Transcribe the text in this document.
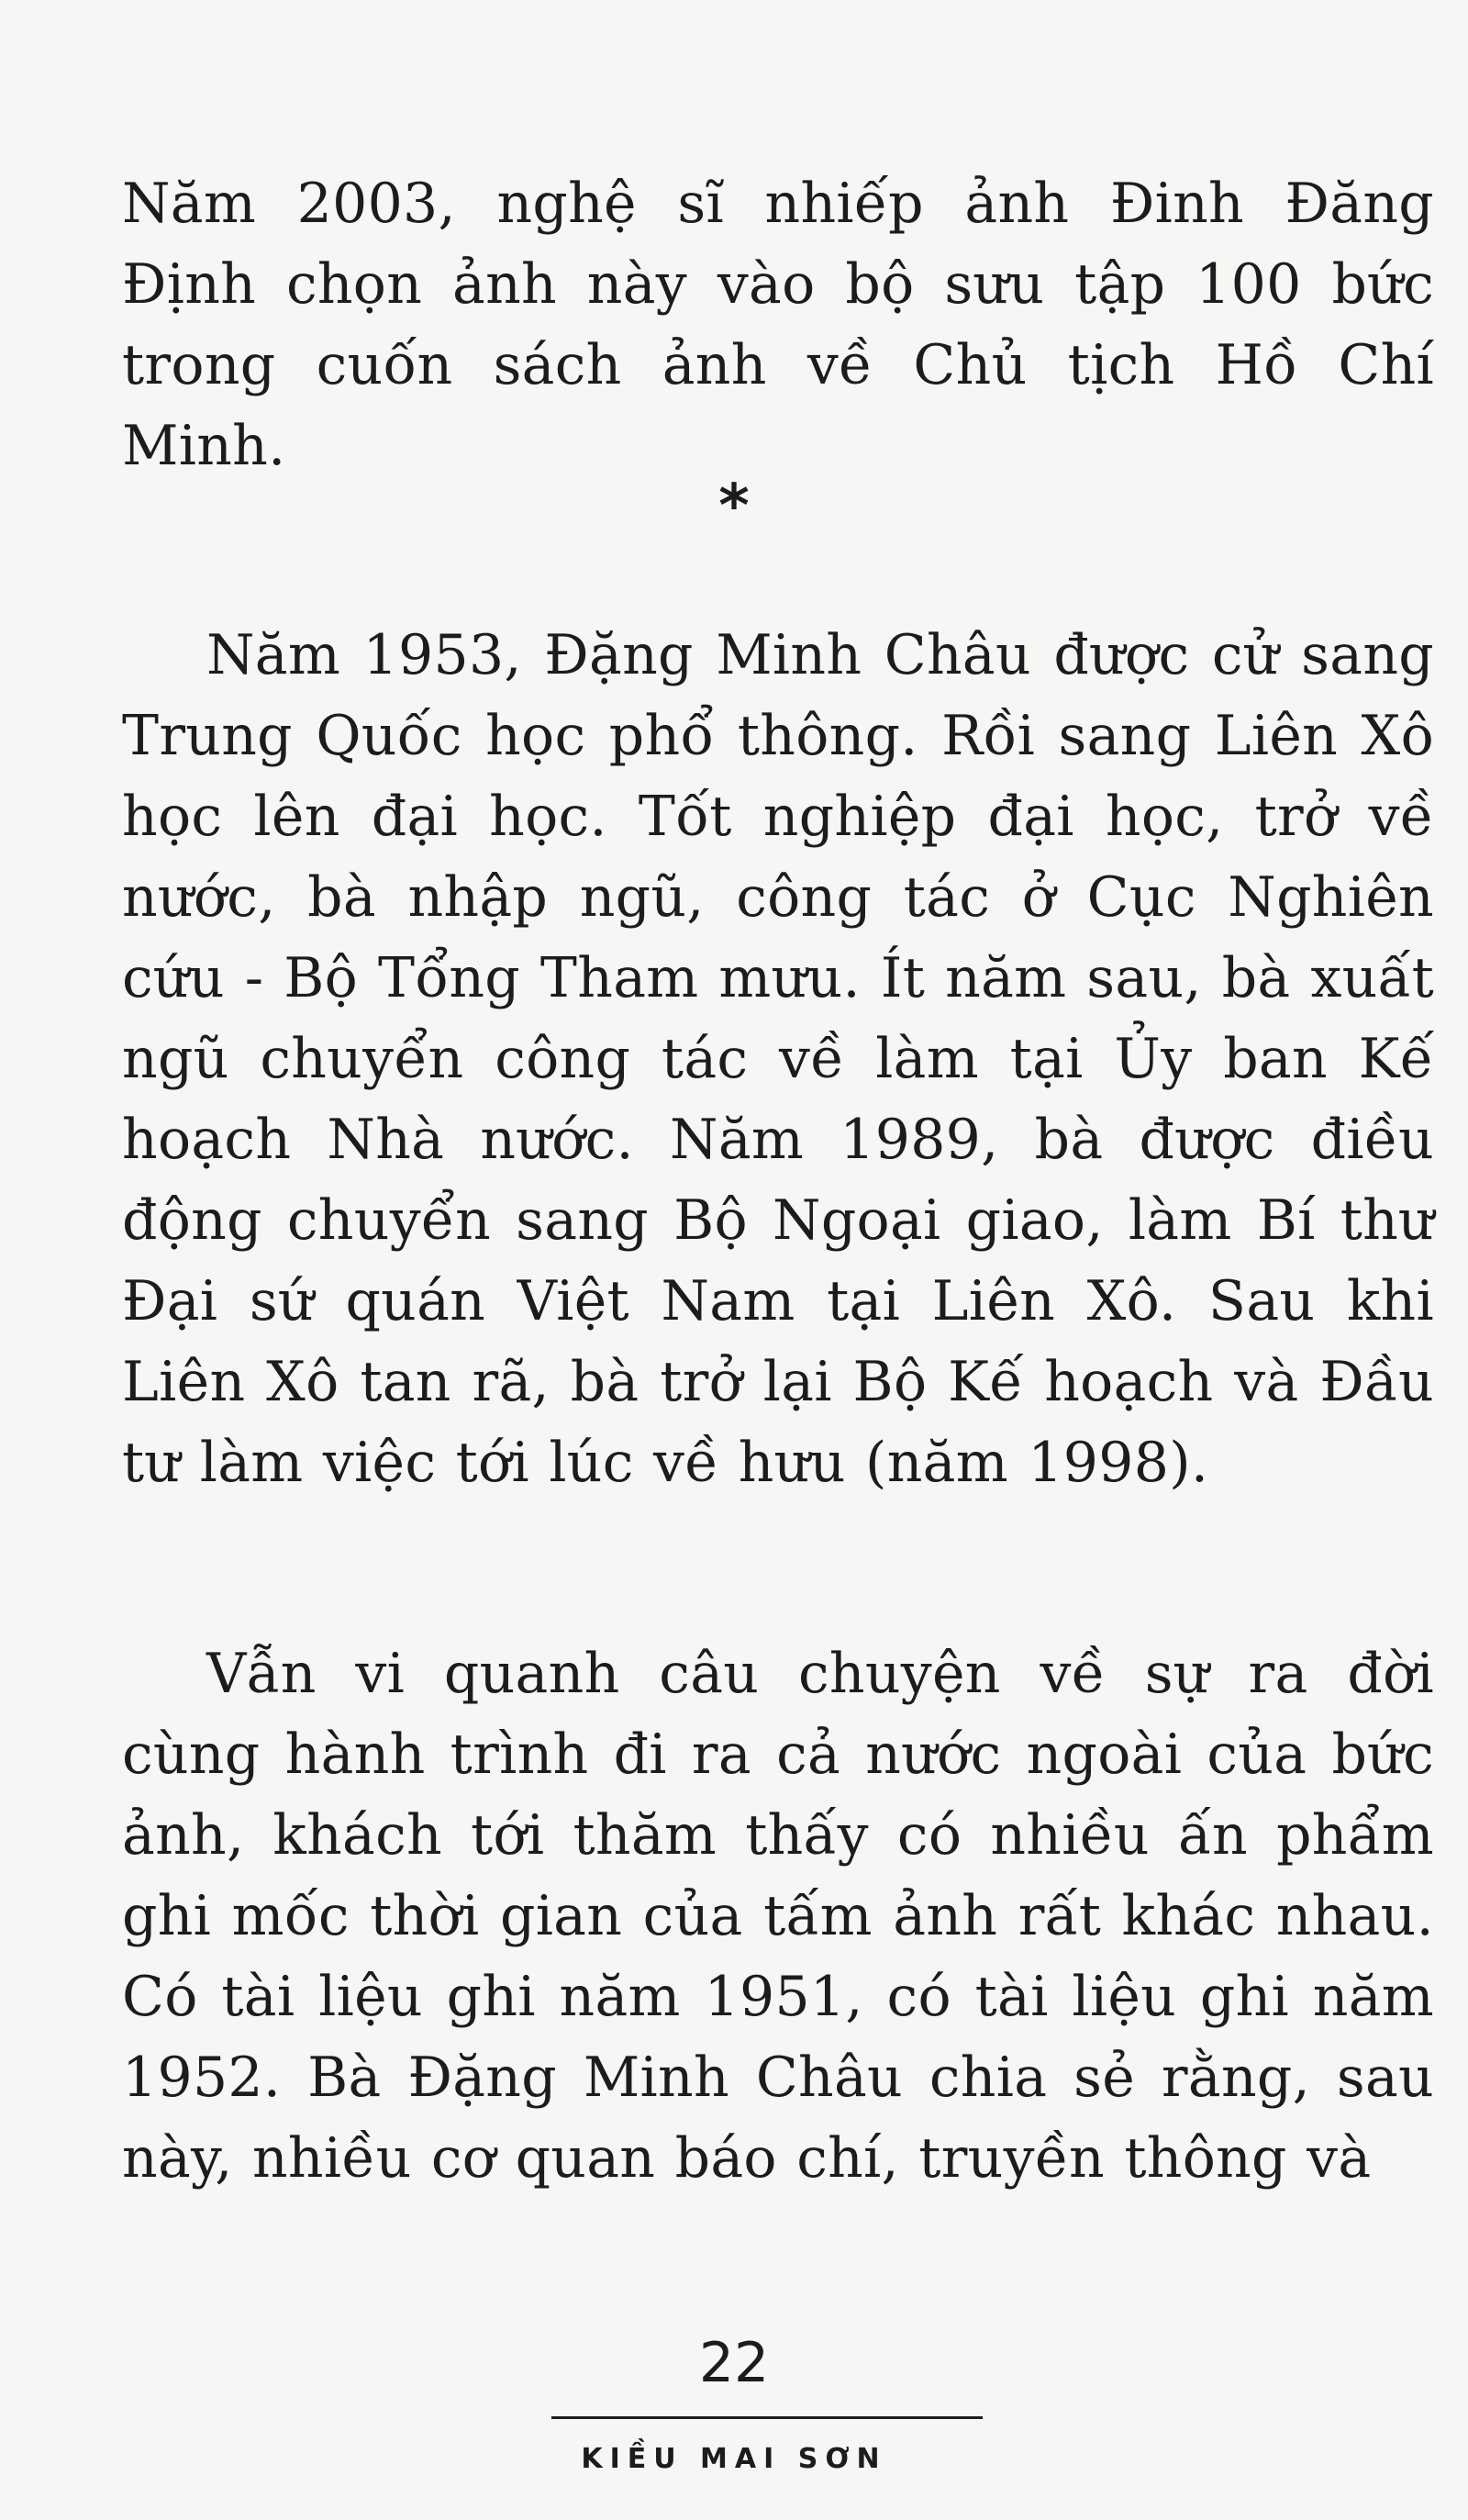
Năm 2003, nghệ sĩ nhiếp ảnh Đinh Đăng Định chọn ảnh này vào bộ sưu tập 100 bức trong cuốn sách ảnh về Chủ tịch Hồ Chí Minh.

*

Năm 1953, Đặng Minh Châu được cử sang Trung Quốc học phổ thông. Rồi sang Liên Xô học lên đại học. Tốt nghiệp đại học, trở về nước, bà nhập ngũ, công tác ở Cục Nghiên cứu - Bộ Tổng Tham mưu. Ít năm sau, bà xuất ngũ chuyển công tác về làm tại Ủy ban Kế hoạch Nhà nước. Năm 1989, bà được điều động chuyển sang Bộ Ngoại giao, làm Bí thư Đại sứ quán Việt Nam tại Liên Xô. Sau khi Liên Xô tan rã, bà trở lại Bộ Kế hoạch và Đầu tư làm việc tới lúc về hưu (năm 1998).

Vẫn vi quanh câu chuyện về sự ra đời cùng hành trình đi ra cả nước ngoài của bức ảnh, khách tới thăm thấy có nhiều ấn phẩm ghi mốc thời gian của tấm ảnh rất khác nhau. Có tài liệu ghi năm 1951, có tài liệu ghi năm 1952. Bà Đặng Minh Châu chia sẻ rằng, sau này, nhiều cơ quan báo chí, truyền thông và

22
KIỀU MAI SƠN
